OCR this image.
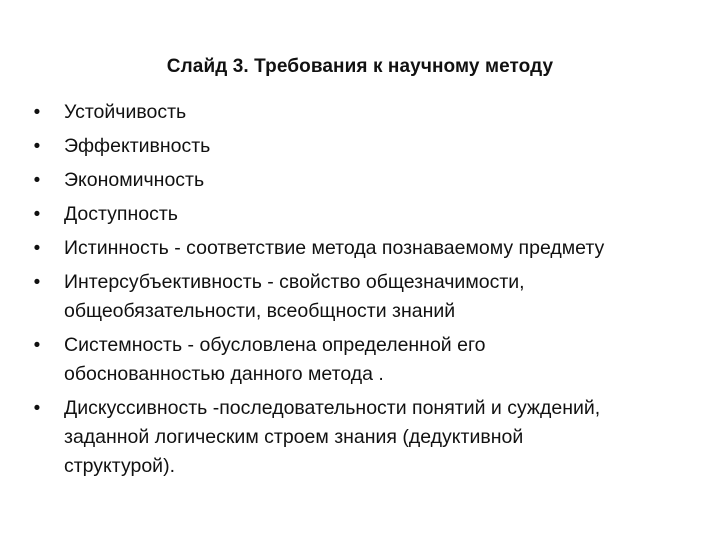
Слайд 3. Требования к научному методу
• Устойчивость
• Эффективность
• Экономичность
• Доступность
• Истинность - соответствие метода познаваемому предмету
• Интерсубъективность - свойство общезначимости, общеобязательности, всеобщности знаний
• Системность - обусловлена определенной его обоснованностью данного метода .
• Дискуссивность -последовательности понятий и суждений, заданной логическим строем знания (дедуктивной структурой).
